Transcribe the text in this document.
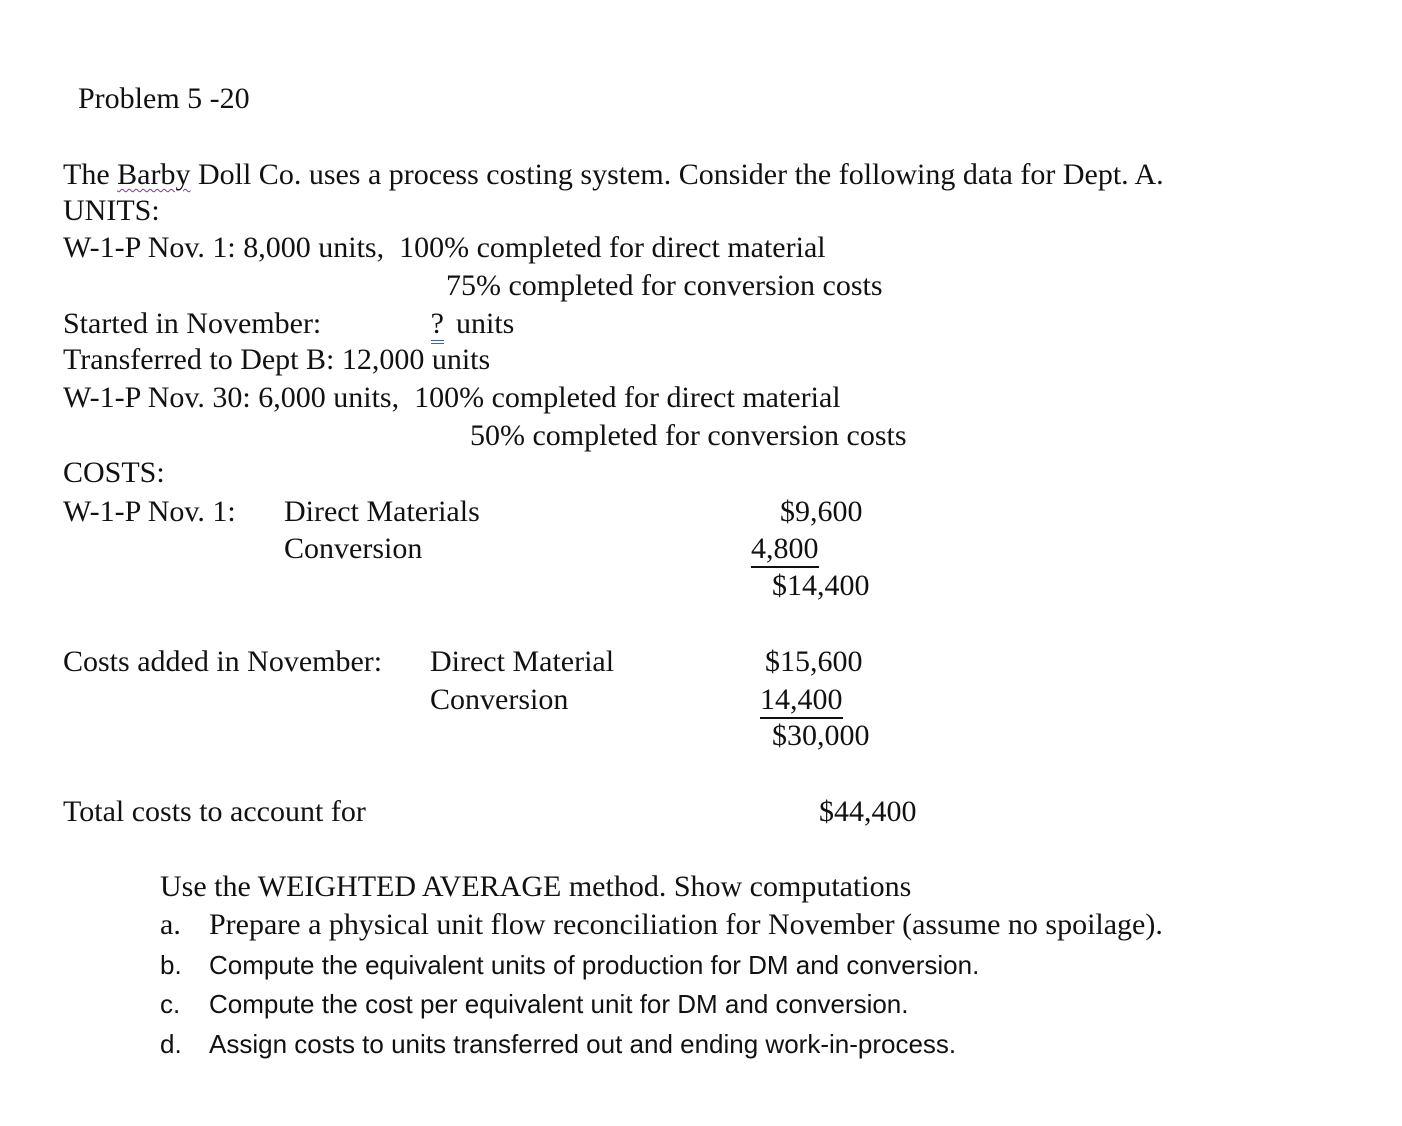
Problem 5 -20
The Barby Doll Co. uses a process costing system. Consider the following data for Dept. A.
UNITS:
W-1-P Nov. 1: 8,000 units,  100% completed for direct material
75% completed for conversion costs
Started in November:	? units
Transferred to Dept B: 12,000 units
W-1-P Nov. 30: 6,000 units,  100% completed for direct material
50% completed for conversion costs
COSTS:
W-1-P Nov. 1: Direct Materials
Conversion
$9,600
4,800
$14,400
Costs added in November: Direct Material
Conversion
$15,600
14,400
$30,000
Total costs to account for	$44,400
Use the WEIGHTED AVERAGE method. Show computations
a. Prepare a physical unit flow reconciliation for November (assume no spoilage).
b. Compute the equivalent units of production for DM and conversion.
c. Compute the cost per equivalent unit for DM and conversion.
d. Assign costs to units transferred out and ending work-in-process.
